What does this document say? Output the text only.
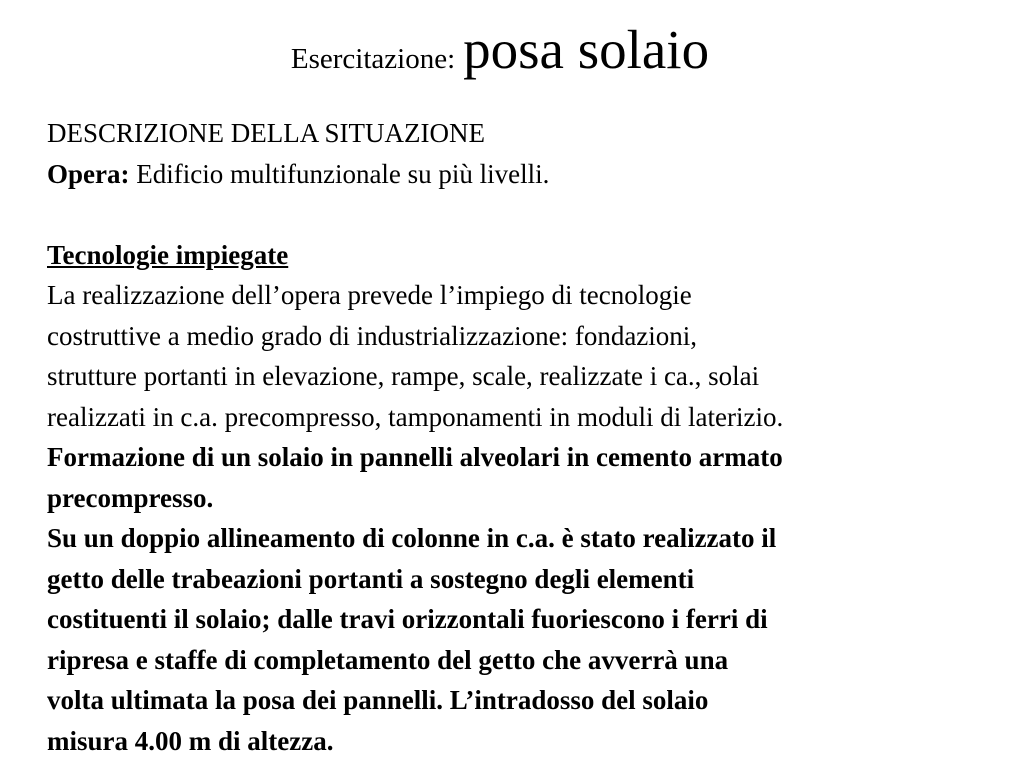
Esercitazione: posa solaio
DESCRIZIONE DELLA SITUAZIONE
Opera: Edificio multifunzionale su più livelli.
Tecnologie impiegate
La realizzazione dell’opera prevede l’impiego di tecnologie
costruttive a medio grado di industrializzazione: fondazioni,
strutture portanti in elevazione, rampe, scale, realizzate i ca., solai
realizzati in c.a. precompresso, tamponamenti in moduli di laterizio.
Formazione di un solaio in pannelli alveolari in cemento armato
precompresso.
Su un doppio allineamento di colonne in c.a. è stato realizzato il
getto delle trabeazioni portanti a sostegno degli elementi
costituenti il solaio; dalle travi orizzontali fuoriescono i ferri di
ripresa e staffe di completamento del getto che avverrà una
volta ultimata la posa dei pannelli. L’intradosso del solaio
misura 4.00 m di altezza.
